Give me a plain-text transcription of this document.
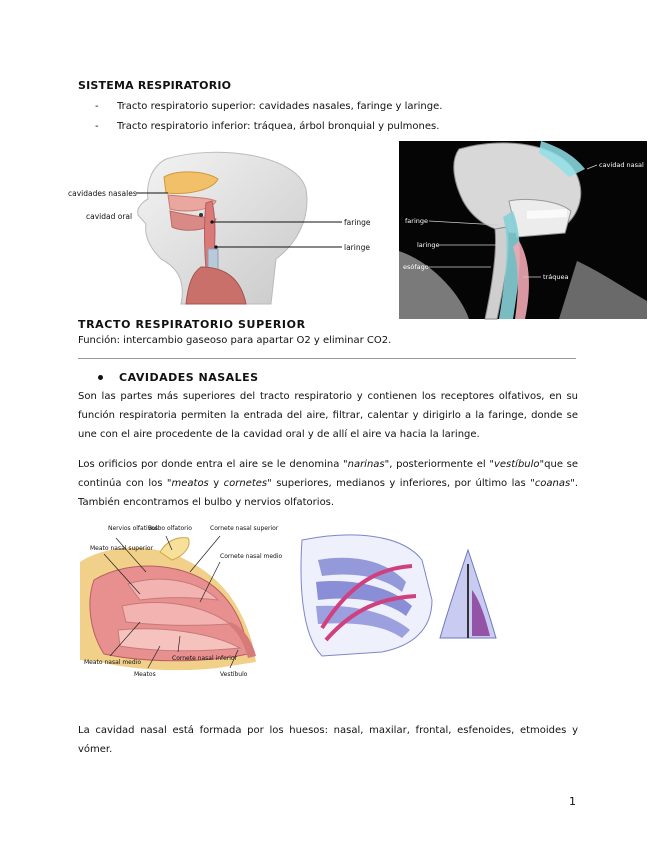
SISTEMA RESPIRATORIO
- Tracto respiratorio superior: cavidades nasales, faringe y laringe.
- Tracto respiratorio inferior: tráquea, árbol bronquial y pulmones.
cavidades nasales
cavidad oral
faringe
laringe
cavidad nasal
faringe
laringe
esófago
tráquea
TRACTO RESPIRATORIO SUPERIOR
Función: intercambio gaseoso para apartar O2 y eliminar CO2.
CAVIDADES NASALES
Son las partes más superiores del tracto respiratorio y contienen los receptores olfativos, en su función respiratoria permiten la entrada del aire, filtrar, calentar y dirigirlo a la faringe, donde se une con el aire procedente de la cavidad oral y de allí el aire va hacia la laringe.
Los orificios por donde entra el aire se le denomina "narinas", posteriormente el "vestíbulo"que se continúa con los "meatos y cornetes" superiores, medianos y inferiores, por último las "coanas". También encontramos el bulbo y nervios olfatorios.
Nervios olfativos
Bulbo olfatorio	Cornete nasal superior
Cornete nasal medio
Meato nasal superior
Meato nasal medio
Meatos
Cornete nasal inferior
Vestíbulo
La cavidad nasal está formada por los huesos: nasal, maxilar, frontal, esfenoides, etmoides y vómer.
1
